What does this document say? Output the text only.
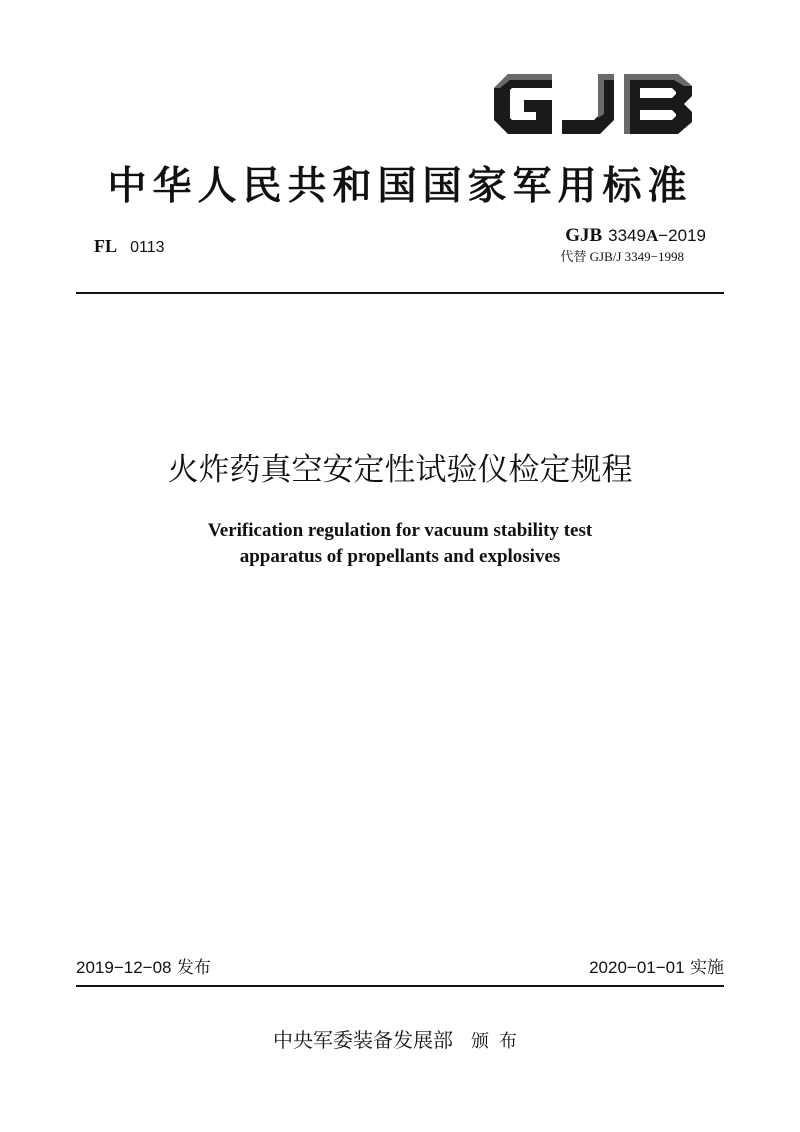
中华人民共和国国家军用标准
FL 0113
GJB 3349A−2019
代替 GJB/J 3349−1998
火炸药真空安定性试验仪检定规程
Verification regulation for vacuum stability test
apparatus of propellants and explosives
2019−12−08 发布	2020−01−01 实施
中央军委装备发展部 颁布
